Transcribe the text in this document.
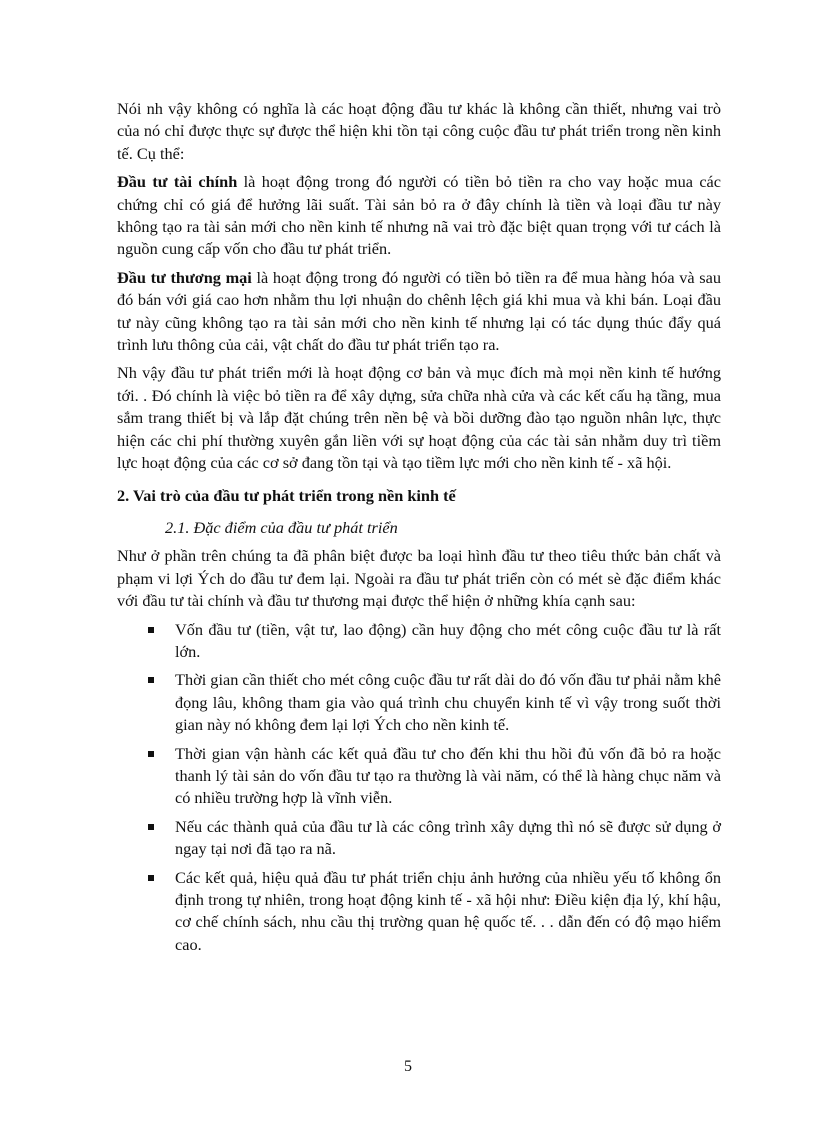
Nói nh vậy không có nghĩa là các hoạt động đầu tư khác là không cần thiết, nhưng vai trò của nó chỉ được thực sự được thể hiện khi tồn tại công cuộc đầu tư phát triển trong nền kinh tế. Cụ thể:

Đầu tư tài chính là hoạt động trong đó người có tiền bỏ tiền ra cho vay hoặc mua các chứng chỉ có giá để hưởng lãi suất. Tài sản bỏ ra ở đây chính là tiền và loại đầu tư này không tạo ra tài sản mới cho nền kinh tế nhưng nã vai trò đặc biệt quan trọng với tư cách là nguồn cung cấp vốn cho đầu tư phát triển.

Đầu tư thương mại là hoạt động trong đó người có tiền bỏ tiền ra để mua hàng hóa và sau đó bán với giá cao hơn nhằm thu lợi nhuận do chênh lệch giá khi mua và khi bán. Loại đầu tư này cũng không tạo ra tài sản mới cho nền kinh tế nhưng lại có tác dụng thúc đẩy quá trình lưu thông của cải, vật chất do đầu tư phát triển tạo ra.

Nh vậy đầu tư phát triển mới là hoạt động cơ bản và mục đích mà mọi nền kinh tế hướng tới. . Đó chính là việc bỏ tiền ra để xây dựng, sửa chữa nhà cửa và các kết cấu hạ tầng, mua sắm trang thiết bị và lắp đặt chúng trên nền bệ và bồi dưỡng đào tạo nguồn nhân lực, thực hiện các chi phí thường xuyên gắn liền với sự hoạt động của các tài sản nhằm duy trì tiềm lực hoạt động của các cơ sở đang tồn tại và tạo tiềm lực mới cho nền kinh tế - xã hội.

2. Vai trò của đầu tư phát triển trong nền kinh tế

2.1. Đặc điểm của đầu tư phát triển

Như ở phần trên chúng ta đã phân biệt được ba loại hình đầu tư theo tiêu thức bản chất và phạm vi lợi Ých do đầu tư đem lại. Ngoài ra đầu tư phát triển còn có mét sè đặc điểm khác với đầu tư tài chính và đầu tư thương mại được thể hiện ở những khía cạnh sau:

Vốn đầu tư (tiền, vật tư, lao động) cần huy động cho mét công cuộc đầu tư là rất lớn.
Thời gian cần thiết cho mét công cuộc đầu tư rất dài do đó vốn đầu tư phải nằm khê đọng lâu, không tham gia vào quá trình chu chuyển kinh tế vì vậy trong suốt thời gian này nó không đem lại lợi Ých cho nền kinh tế.
Thời gian vận hành các kết quả đầu tư cho đến khi thu hồi đủ vốn đã bỏ ra hoặc thanh lý tài sản do vốn đầu tư tạo ra thường là vài năm, có thể là hàng chục năm và có nhiều trường hợp là vĩnh viễn.
Nếu các thành quả của đầu tư là các công trình xây dựng thì nó sẽ được sử dụng ở ngay tại nơi đã tạo ra nã.
Các kết quả, hiệu quả đầu tư phát triển chịu ảnh hưởng của nhiều yếu tố không ổn định trong tự nhiên, trong hoạt động kinh tế - xã hội như: Điều kiện địa lý, khí hậu, cơ chế chính sách, nhu cầu thị trường quan hệ quốc tế. . . dẫn đến có độ mạo hiểm cao.
5
